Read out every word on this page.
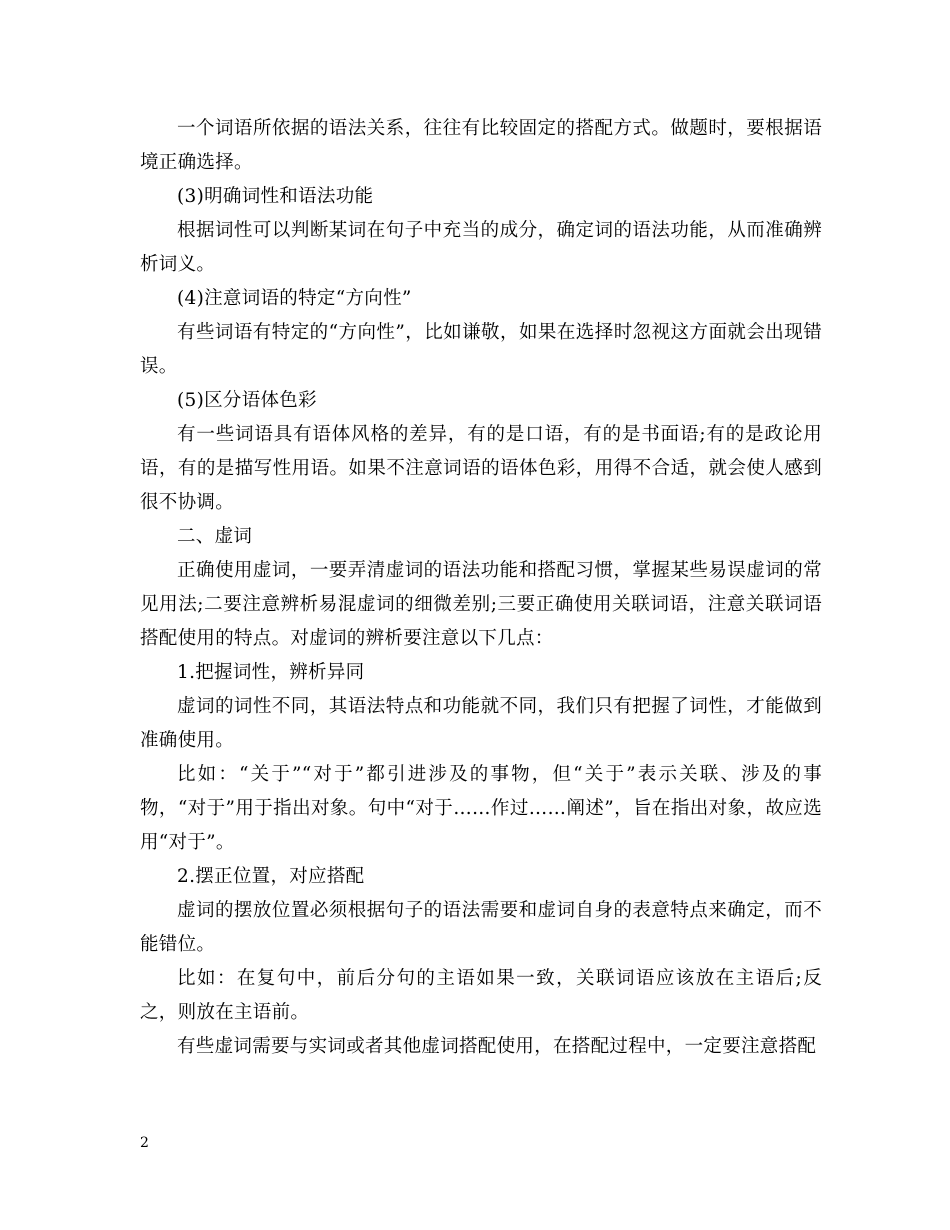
一个词语所依据的语法关系，往往有比较固定的搭配方式。做题时，要根据语境正确选择。

(3)明确词性和语法功能

根据词性可以判断某词在句子中充当的成分，确定词的语法功能，从而准确辨析词义。

(4)注意词语的特定“方向性”

有些词语有特定的“方向性”，比如谦敬，如果在选择时忽视这方面就会出现错误。

(5)区分语体色彩

有一些词语具有语体风格的差异，有的是口语，有的是书面语;有的是政论用语，有的是描写性用语。如果不注意词语的语体色彩，用得不合适，就会使人感到很不协调。

二、虚词

正确使用虚词，一要弄清虚词的语法功能和搭配习惯，掌握某些易误虚词的常见用法;二要注意辨析易混虚词的细微差别;三要正确使用关联词语，注意关联词语搭配使用的特点。对虚词的辨析要注意以下几点：

1.把握词性，辨析异同

虚词的词性不同，其语法特点和功能就不同，我们只有把握了词性，才能做到准确使用。

比如：“关于”“对于”都引进涉及的事物，但“关于”表示关联、涉及的事物，“对于”用于指出对象。句中“对于……作过……阐述”，旨在指出对象，故应选用“对于”。

2.摆正位置，对应搭配

虚词的摆放位置必须根据句子的语法需要和虚词自身的表意特点来确定，而不能错位。

比如：在复句中，前后分句的主语如果一致，关联词语应该放在主语后;反之，则放在主语前。

有些虚词需要与实词或者其他虚词搭配使用，在搭配过程中，一定要注意搭配

2
